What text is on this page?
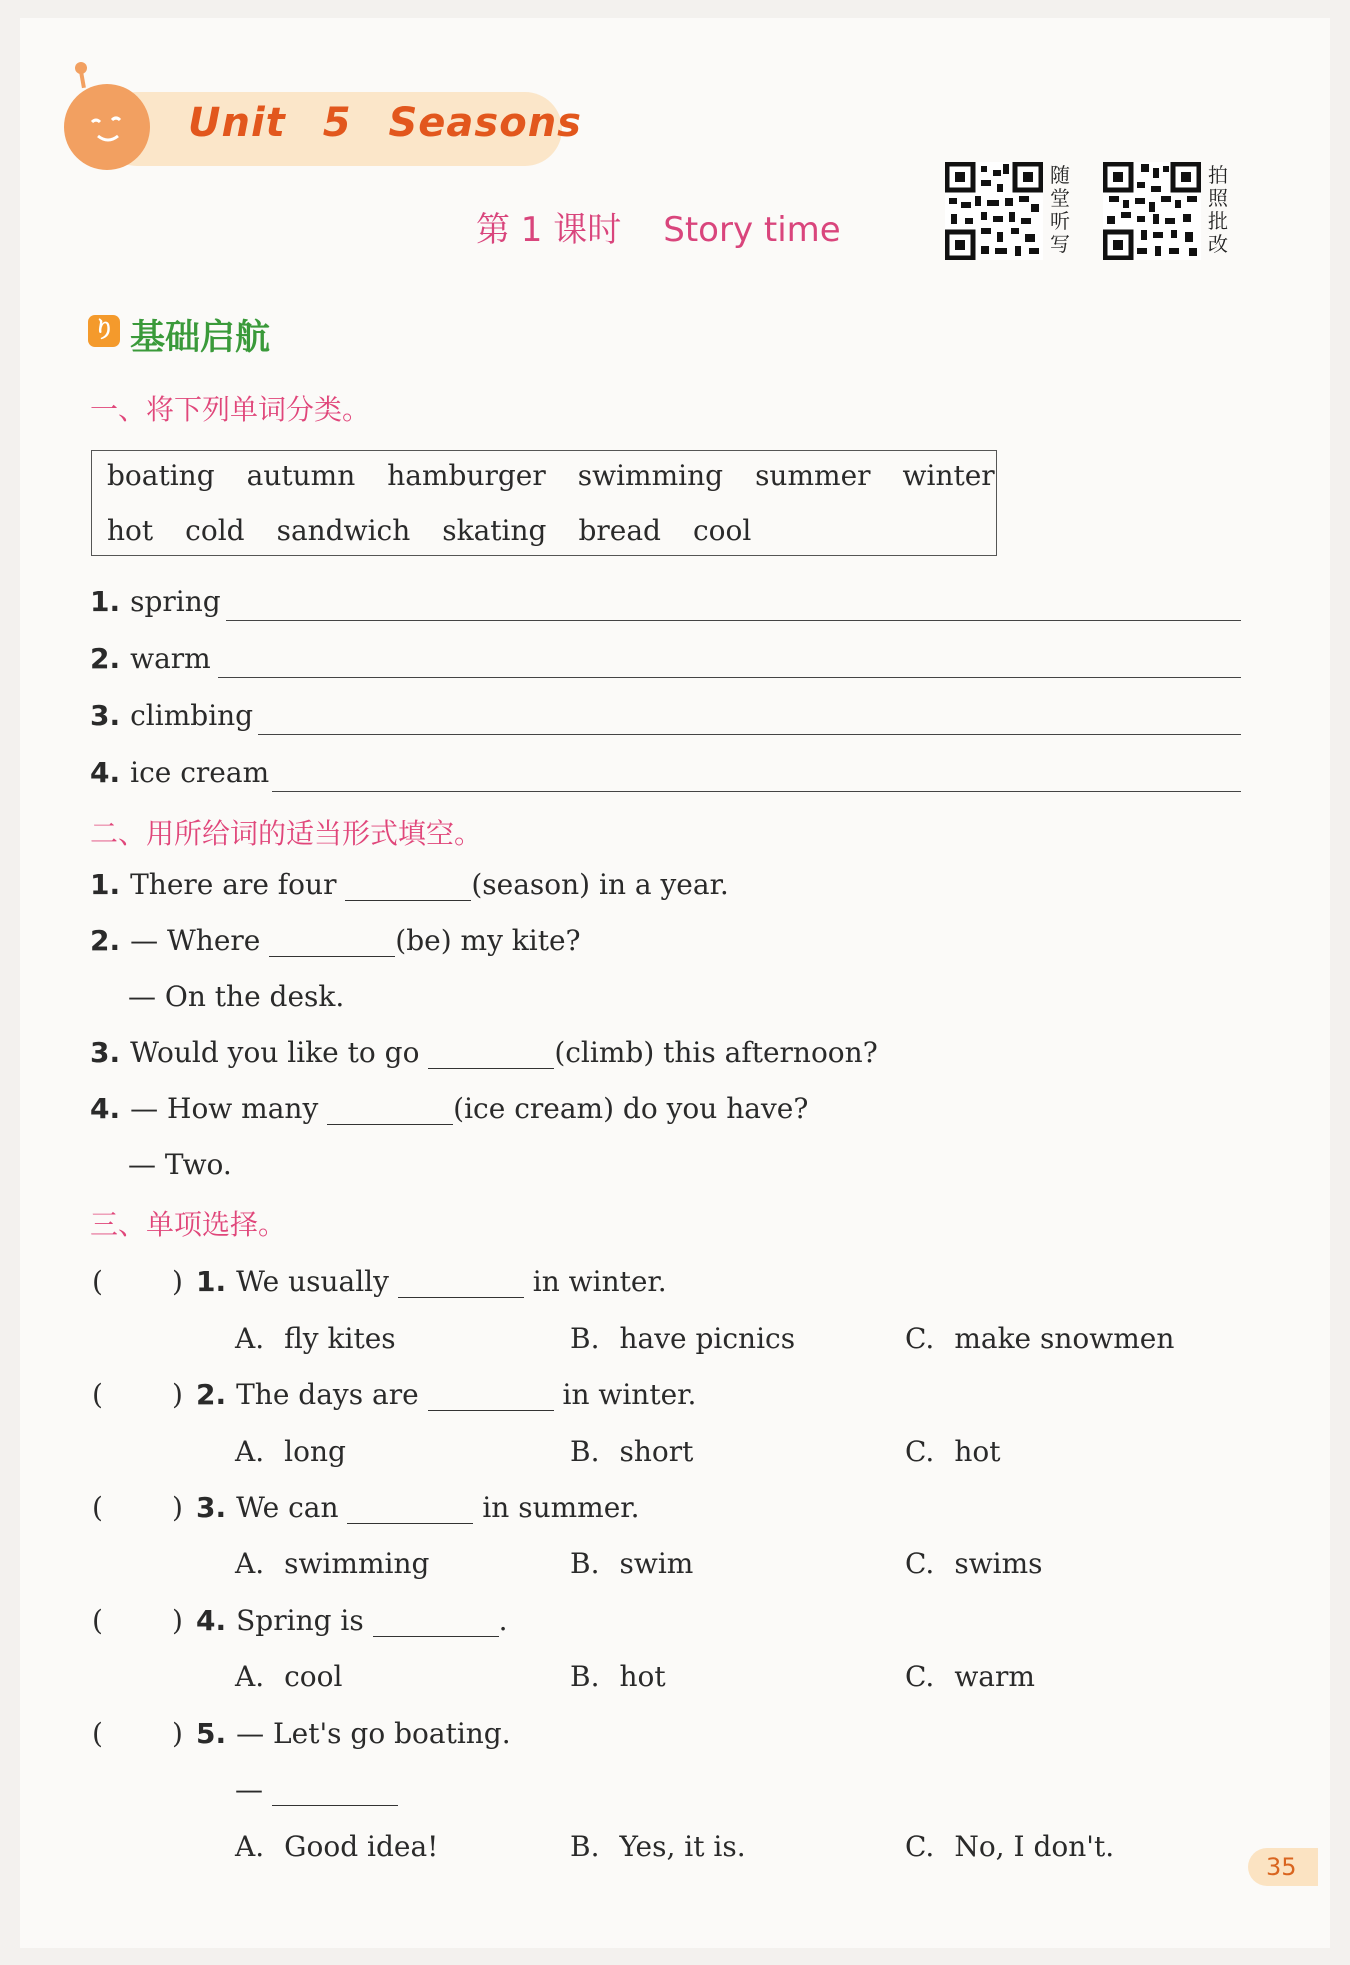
Unit 5 Seasons
第 1 课时 Story time
随堂听写
拍照批改
り 基础启航
一、将下列单词分类。
boating autumn hamburger swimming summer winter
hot cold sandwich skating bread cool
1. spring
2. warm
3. climbing
4. ice cream
二、用所给词的适当形式填空。
1. There are four	(season) in a year.
2. — Where	(be) my kite?
— On the desk.
3. Would you like to go	(climb) this afternoon?
4. — How many	(ice cream) do you have?
— Two.
三、单项选择。
( ) 1. We usually	in winter.
A. fly kites	B. have picnics	C. make snowmen
( ) 2. The days are	in winter.
A. long	B. short	C. hot
( ) 3. We can	in summer.
A. swimming	B. swim	C. swims
( ) 4. Spring is	.
A. cool	B. hot	C. warm
( ) 5. — Let's go boating.
—
A. Good idea!	B. Yes, it is.	C. No, I don't.
35
